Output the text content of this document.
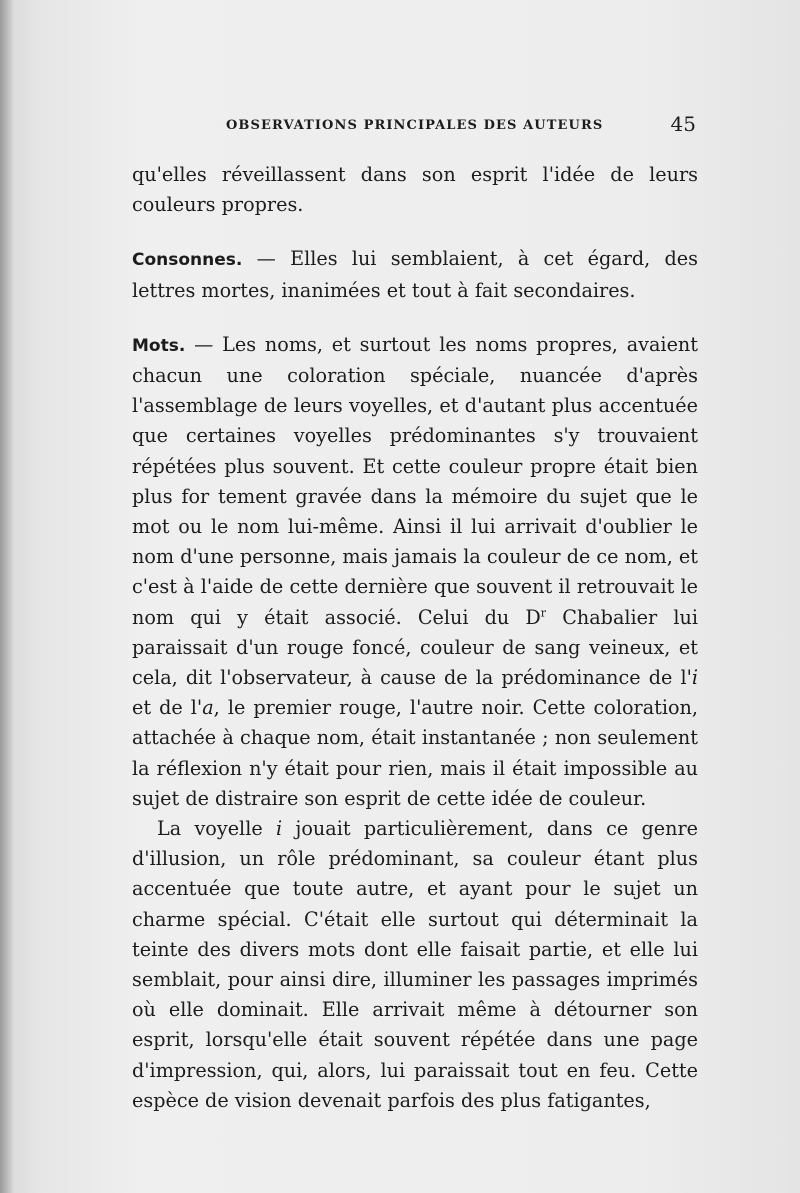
OBSERVATIONS PRINCIPALES DES AUTEURS	45

qu'elles réveillassent dans son esprit l'idée de leurs couleurs propres.

Consonnes. — Elles lui semblaient, à cet égard, des lettres mortes, inanimées et tout à fait secondaires.

Mots. — Les noms, et surtout les noms propres, avaient chacun une coloration spéciale, nuancée d'après l'assemblage de leurs voyelles, et d'autant plus accentuée que certaines voyelles prédominantes s'y trouvaient répétées plus souvent. Et cette couleur propre était bien plus for tement gravée dans la mémoire du sujet que le mot ou le nom lui-même. Ainsi il lui arrivait d'oublier le nom d'une personne, mais jamais la couleur de ce nom, et c'est à l'aide de cette dernière que souvent il retrouvait le nom qui y était associé. Celui du $D^r$ Chabalier lui paraissait d'un rouge foncé, couleur de sang veineux, et cela, dit l'observateur, à cause de la prédominance de l'i et de l'a, le premier rouge, l'autre noir. Cette coloration, attachée à chaque nom, était instantanée ; non seulement la réflexion n'y était pour rien, mais il était impossible au sujet de distraire son esprit de cette idée de couleur.

La voyelle i jouait particulièrement, dans ce genre d'illusion, un rôle prédominant, sa couleur étant plus accentuée que toute autre, et ayant pour le sujet un charme spécial. C'était elle surtout qui déterminait la teinte des divers mots dont elle faisait partie, et elle lui semblait, pour ainsi dire, illuminer les passages imprimés où elle dominait. Elle arrivait même à détourner son esprit, lorsqu'elle était souvent répétée dans une page d'impression, qui, alors, lui paraissait tout en feu. Cette espèce de vision devenait parfois des plus fatigantes,
